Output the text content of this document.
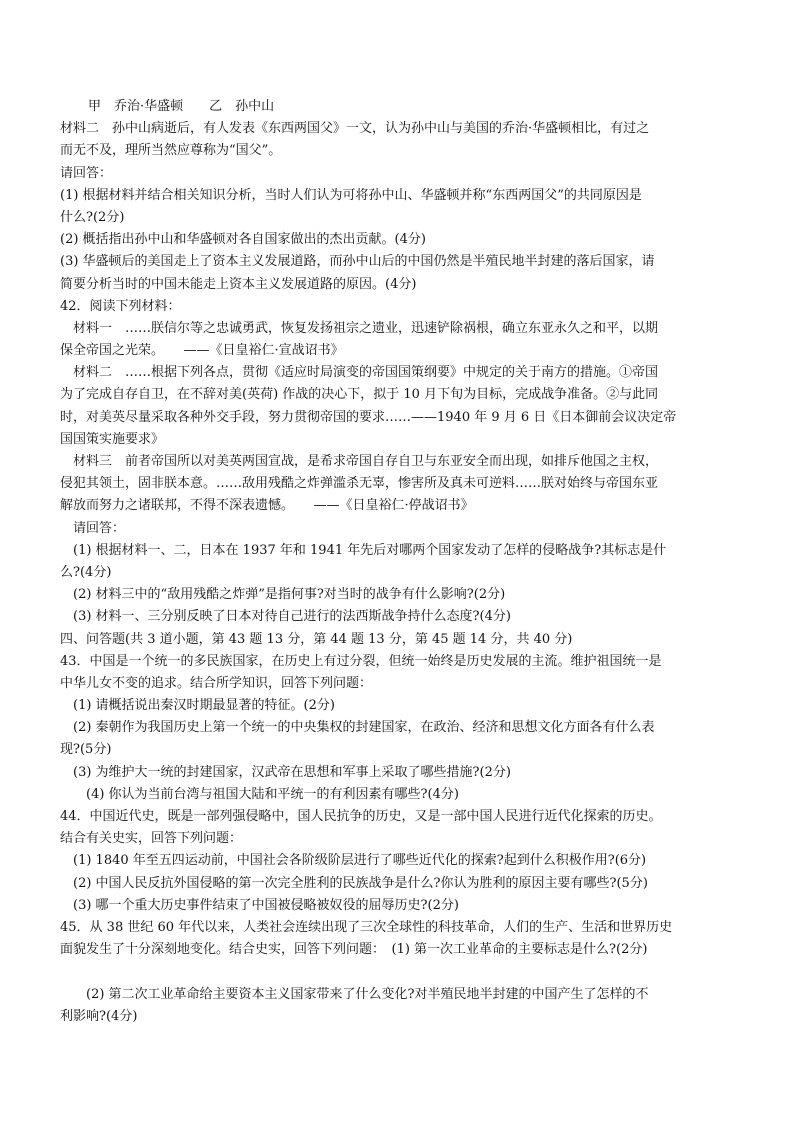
甲　乔治·华盛顿　　乙　孙中山

材料二　孙中山病逝后，有人发表《东西两国父》一文，认为孙中山与美国的乔治·华盛顿相比，有过之

而无不及，理所当然应尊称为“国父”。

请回答：

(1) 根据材料并结合相关知识分析，当时人们认为可将孙中山、华盛顿并称“东西两国父”的共同原因是

什么?(2分)

(2) 概括指出孙中山和华盛顿对各自国家做出的杰出贡献。(4分)

(3) 华盛顿后的美国走上了资本主义发展道路，而孙中山后的中国仍然是半殖民地半封建的落后国家，请

简要分析当时的中国未能走上资本主义发展道路的原因。(4分)

42．阅读下列材料：

　材料一　……朕信尔等之忠诚勇武，恢复发扬祖宗之遗业，迅速铲除祸根，确立东亚永久之和平，以期

保全帝国之光荣。　　——《日皇裕仁·宣战诏书》

　材料二　……根据下列各点，贯彻《适应时局演变的帝国国策纲要》中规定的关于南方的措施。①帝国

为了完成自存自卫，在不辞对美(英荷) 作战的决心下，拟于 10 月下旬为目标，完成战争准备。②与此同

时，对美英尽量采取各种外交手段，努力贯彻帝国的要求……——1940 年 9 月 6 日《日本御前会议决定帝

国国策实施要求》

　材料三　前者帝国所以对美英两国宣战，是希求帝国自存自卫与东亚安全而出现，如排斥他国之主权，

侵犯其领土，固非朕本意。……敌用残酷之炸弹滥杀无辜，惨害所及真未可逆料……朕对始终与帝国东亚

解放而努力之诸联邦，不得不深表遗憾。　　——《日皇裕仁·停战诏书》

　请回答：

　(1) 根据材料一、二，日本在 1937 年和 1941 年先后对哪两个国家发动了怎样的侵略战争?其标志是什

么?(4分)

　(2) 材料三中的“敌用残酷之炸弹”是指何事?对当时的战争有什么影响?(2分)

　(3) 材料一、三分别反映了日本对待自己进行的法西斯战争持什么态度?(4分)

四、问答题(共 3 道小题，第 43 题 13 分，第 44 题 13 分，第 45 题 14 分，共 40 分)

43．中国是一个统一的多民族国家，在历史上有过分裂，但统一始终是历史发展的主流。维护祖国统一是

中华儿女不变的追求。结合所学知识，回答下列问题：

　(1) 请概括说出秦汉时期最显著的特征。(2分)

　(2) 秦朝作为我国历史上第一个统一的中央集权的封建国家，在政治、经济和思想文化方面各有什么表

现?(5分)

　(3) 为维护大一统的封建国家，汉武帝在思想和军事上采取了哪些措施?(2分)

　　(4) 你认为当前台湾与祖国大陆和平统一的有利因素有哪些?(4分)

44．中国近代史，既是一部列强侵略中，国人民抗争的历史，又是一部中国人民进行近代化探索的历史。

结合有关史实，回答下列问题：

　(1) 1840 年至五四运动前，中国社会各阶级阶层进行了哪些近代化的探索?起到什么积极作用?(6分)

　(2) 中国人民反抗外国侵略的第一次完全胜利的民族战争是什么?你认为胜利的原因主要有哪些?(5分)

　(3) 哪一个重大历史事件结束了中国被侵略被奴役的屈辱历史?(2分)

45．从 38 世纪 60 年代以来，人类社会连续出现了三次全球性的科技革命，人们的生产、生活和世界历史

面貌发生了十分深刻地变化。结合史实，回答下列问题：　(1) 第一次工业革命的主要标志是什么?(2分)

　　(2) 第二次工业革命给主要资本主义国家带来了什么变化?对半殖民地半封建的中国产生了怎样的不

利影响?(4分)
